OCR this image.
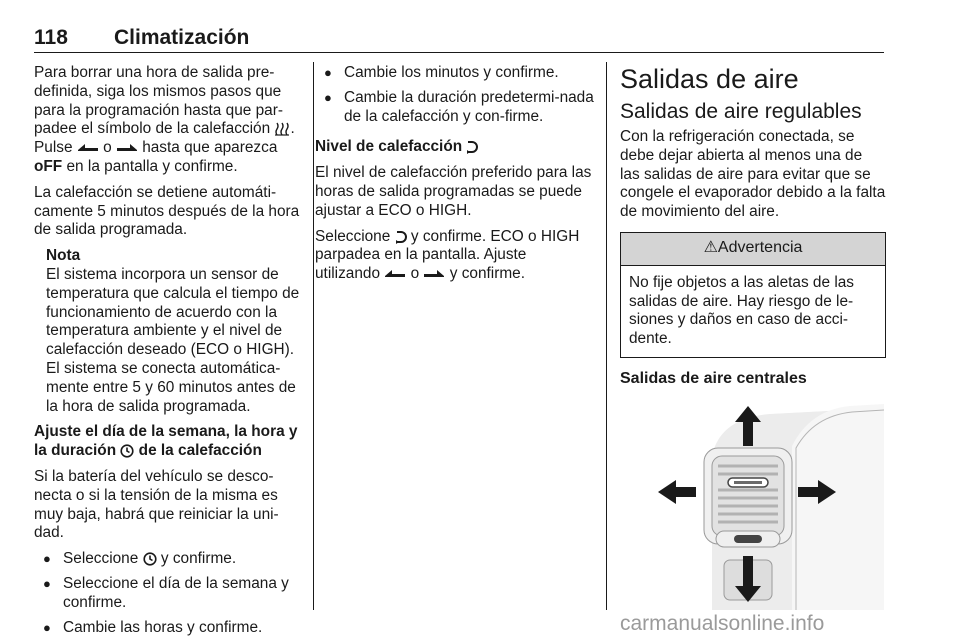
118 Climatización

Para borrar una hora de salida pre-definida, siga los mismos pasos que para la programación hasta que par-padee el símbolo de la calefacción . Pulse o hasta que aparezca oFF en la pantalla y confirme.

La calefacción se detiene automáti-camente 5 minutos después de la hora de salida programada.

Nota
El sistema incorpora un sensor de temperatura que calcula el tiempo de funcionamiento de acuerdo con la temperatura ambiente y el nivel de calefacción deseado (ECO o HIGH). El sistema se conecta automática-mente entre 5 y 60 minutos antes de la hora de salida programada.

Ajuste el día de la semana, la hora y la duración de la calefacción

Si la batería del vehículo se desco-necta o si la tensión de la misma es muy baja, habrá que reiniciar la uni-dad.

● Seleccione y confirme.
● Seleccione el día de la semana y confirme.
● Cambie las horas y confirme.
● Cambie los minutos y confirme.
● Cambie la duración predetermi-nada de la calefacción y con-firme.

Nivel de calefacción

El nivel de calefacción preferido para las horas de salida programadas se puede ajustar a ECO o HIGH.

Seleccione y confirme. ECO o HIGH parpadea en la pantalla. Ajuste utilizando o y confirme.

Salidas de aire
Salidas de aire regulables

Con la refrigeración conectada, se debe dejar abierta al menos una de las salidas de aire para evitar que se congele el evaporador debido a la falta de movimiento del aire.

⚠Advertencia
No fije objetos a las aletas de las salidas de aire. Hay riesgo de le-siones y daños en caso de acci-dente.

Salidas de aire centrales

carmanualsonline.info
